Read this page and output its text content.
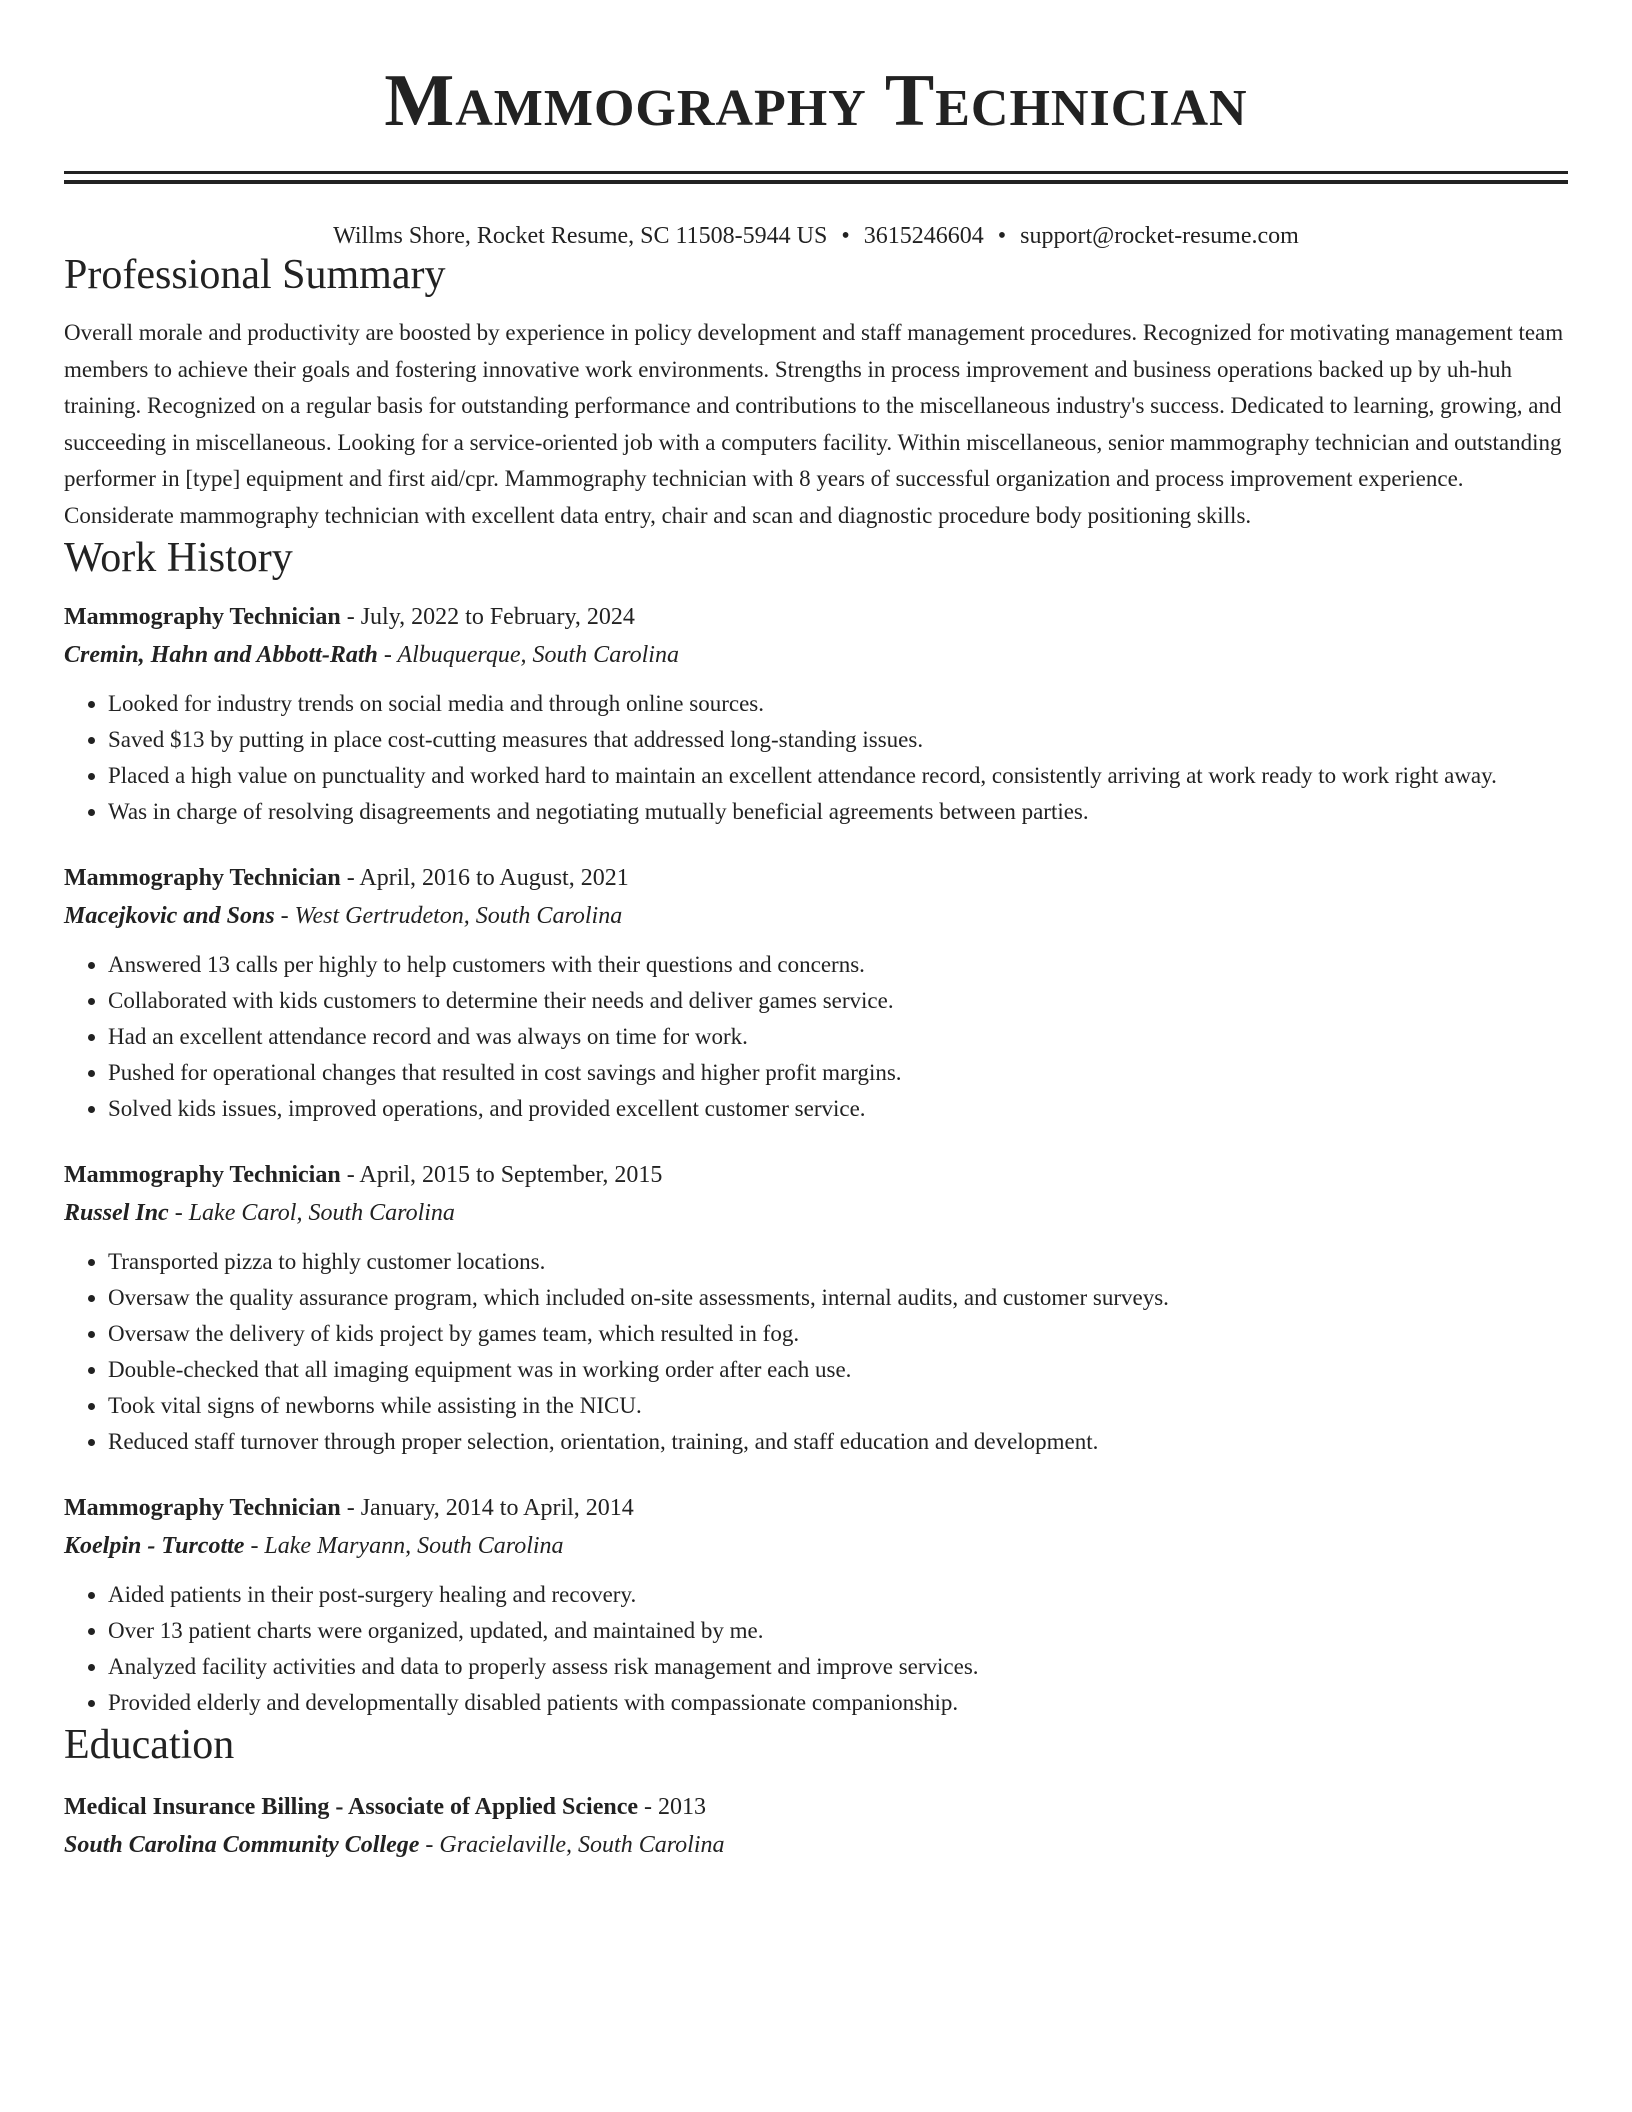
Mammography Technician
Willms Shore, Rocket Resume, SC 11508-5944 US • 3615246604 • support@rocket-resume.com
Professional Summary
Overall morale and productivity are boosted by experience in policy development and staff management procedures. Recognized for motivating management team members to achieve their goals and fostering innovative work environments. Strengths in process improvement and business operations backed up by uh-huh training. Recognized on a regular basis for outstanding performance and contributions to the miscellaneous industry's success. Dedicated to learning, growing, and succeeding in miscellaneous. Looking for a service-oriented job with a computers facility. Within miscellaneous, senior mammography technician and outstanding performer in [type] equipment and first aid/cpr. Mammography technician with 8 years of successful organization and process improvement experience. Considerate mammography technician with excellent data entry, chair and scan and diagnostic procedure body positioning skills.
Work History
Mammography Technician - July, 2022 to February, 2024
Cremin, Hahn and Abbott-Rath - Albuquerque, South Carolina
• Looked for industry trends on social media and through online sources.
• Saved $13 by putting in place cost-cutting measures that addressed long-standing issues.
• Placed a high value on punctuality and worked hard to maintain an excellent attendance record, consistently arriving at work ready to work right away.
• Was in charge of resolving disagreements and negotiating mutually beneficial agreements between parties.
Mammography Technician - April, 2016 to August, 2021
Macejkovic and Sons - West Gertrudeton, South Carolina
• Answered 13 calls per highly to help customers with their questions and concerns.
• Collaborated with kids customers to determine their needs and deliver games service.
• Had an excellent attendance record and was always on time for work.
• Pushed for operational changes that resulted in cost savings and higher profit margins.
• Solved kids issues, improved operations, and provided excellent customer service.
Mammography Technician - April, 2015 to September, 2015
Russel Inc - Lake Carol, South Carolina
• Transported pizza to highly customer locations.
• Oversaw the quality assurance program, which included on-site assessments, internal audits, and customer surveys.
• Oversaw the delivery of kids project by games team, which resulted in fog.
• Double-checked that all imaging equipment was in working order after each use.
• Took vital signs of newborns while assisting in the NICU.
• Reduced staff turnover through proper selection, orientation, training, and staff education and development.
Mammography Technician - January, 2014 to April, 2014
Koelpin - Turcotte - Lake Maryann, South Carolina
• Aided patients in their post-surgery healing and recovery.
• Over 13 patient charts were organized, updated, and maintained by me.
• Analyzed facility activities and data to properly assess risk management and improve services.
• Provided elderly and developmentally disabled patients with compassionate companionship.
Education
Medical Insurance Billing - Associate of Applied Science - 2013
South Carolina Community College - Gracielaville, South Carolina
